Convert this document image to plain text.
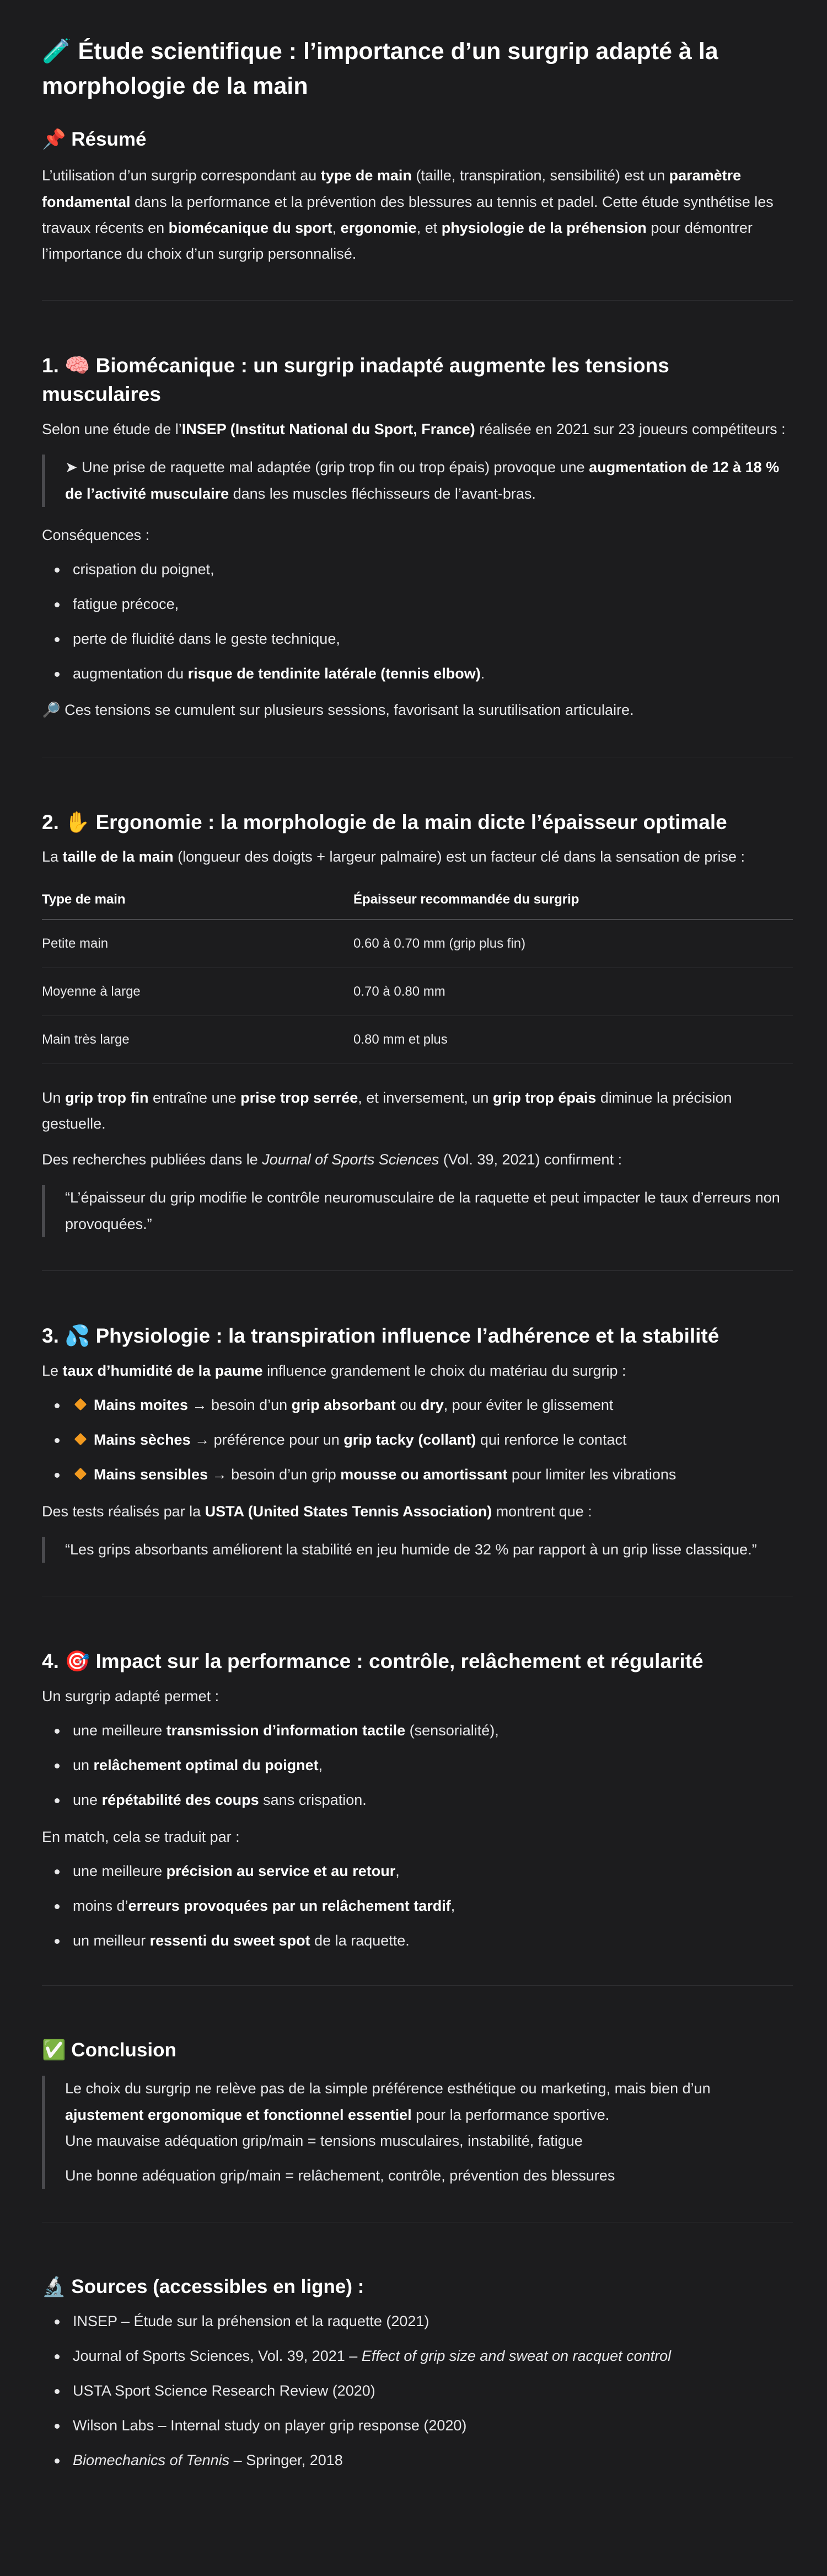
🧪 Étude scientifique : l’importance d’un surgrip adapté à la morphologie de la main
📌 Résumé

L’utilisation d’un surgrip correspondant au type de main (taille, transpiration, sensibilité) est un paramètre fondamental dans la performance et la prévention des blessures au tennis et padel. Cette étude synthétise les travaux récents en biomécanique du sport, ergonomie, et physiologie de la préhension pour démontrer l’importance du choix d’un surgrip personnalisé.

1. 🧠 Biomécanique : un surgrip inadapté augmente les tensions musculaires

Selon une étude de l’INSEP (Institut National du Sport, France) réalisée en 2021 sur 23 joueurs compétiteurs :

➤ Une prise de raquette mal adaptée (grip trop fin ou trop épais) provoque une augmentation de 12 à 18 % de l’activité musculaire dans les muscles fléchisseurs de l’avant-bras.

Conséquences :

crispation du poignet,
fatigue précoce,
perte de fluidité dans le geste technique,
augmentation du risque de tendinite latérale (tennis elbow).

🔎 Ces tensions se cumulent sur plusieurs sessions, favorisant la surutilisation articulaire.

2. ✋ Ergonomie : la morphologie de la main dicte l’épaisseur optimale

La taille de la main (longueur des doigts + largeur palmaire) est un facteur clé dans la sensation de prise :

Type de main	Épaisseur recommandée du surgrip
Petite main	0.60 à 0.70 mm (grip plus fin)
Moyenne à large	0.70 à 0.80 mm
Main très large	0.80 mm et plus

Un grip trop fin entraîne une prise trop serrée, et inversement, un grip trop épais diminue la précision gestuelle.

Des recherches publiées dans le Journal of Sports Sciences (Vol. 39, 2021) confirment :

“L’épaisseur du grip modifie le contrôle neuromusculaire de la raquette et peut impacter le taux d’erreurs non provoquées.”

3. 💦 Physiologie : la transpiration influence l’adhérence et la stabilité

Le taux d’humidité de la paume influence grandement le choix du matériau du surgrip :

Mains moites → besoin d’un grip absorbant ou dry, pour éviter le glissement
Mains sèches → préférence pour un grip tacky (collant) qui renforce le contact
Mains sensibles → besoin d’un grip mousse ou amortissant pour limiter les vibrations

Des tests réalisés par la USTA (United States Tennis Association) montrent que :

“Les grips absorbants améliorent la stabilité en jeu humide de 32 % par rapport à un grip lisse classique.”

4. 🎯 Impact sur la performance : contrôle, relâchement et régularité

Un surgrip adapté permet :

une meilleure transmission d’information tactile (sensorialité),
un relâchement optimal du poignet,
une répétabilité des coups sans crispation.

En match, cela se traduit par :

une meilleure précision au service et au retour,
moins d’erreurs provoquées par un relâchement tardif,
un meilleur ressenti du sweet spot de la raquette.
✅ Conclusion

Le choix du surgrip ne relève pas de la simple préférence esthétique ou marketing, mais bien d’un ajustement ergonomique et fonctionnel essentiel pour la performance sportive.

Une mauvaise adéquation grip/main = tensions musculaires, instabilité, fatigue

Une bonne adéquation grip/main = relâchement, contrôle, prévention des blessures

🔬 Sources (accessibles en ligne) :
INSEP – Étude sur la préhension et la raquette (2021)
Journal of Sports Sciences, Vol. 39, 2021 – Effect of grip size and sweat on racquet control
USTA Sport Science Research Review (2020)
Wilson Labs – Internal study on player grip response (2020)
Biomechanics of Tennis – Springer, 2018
